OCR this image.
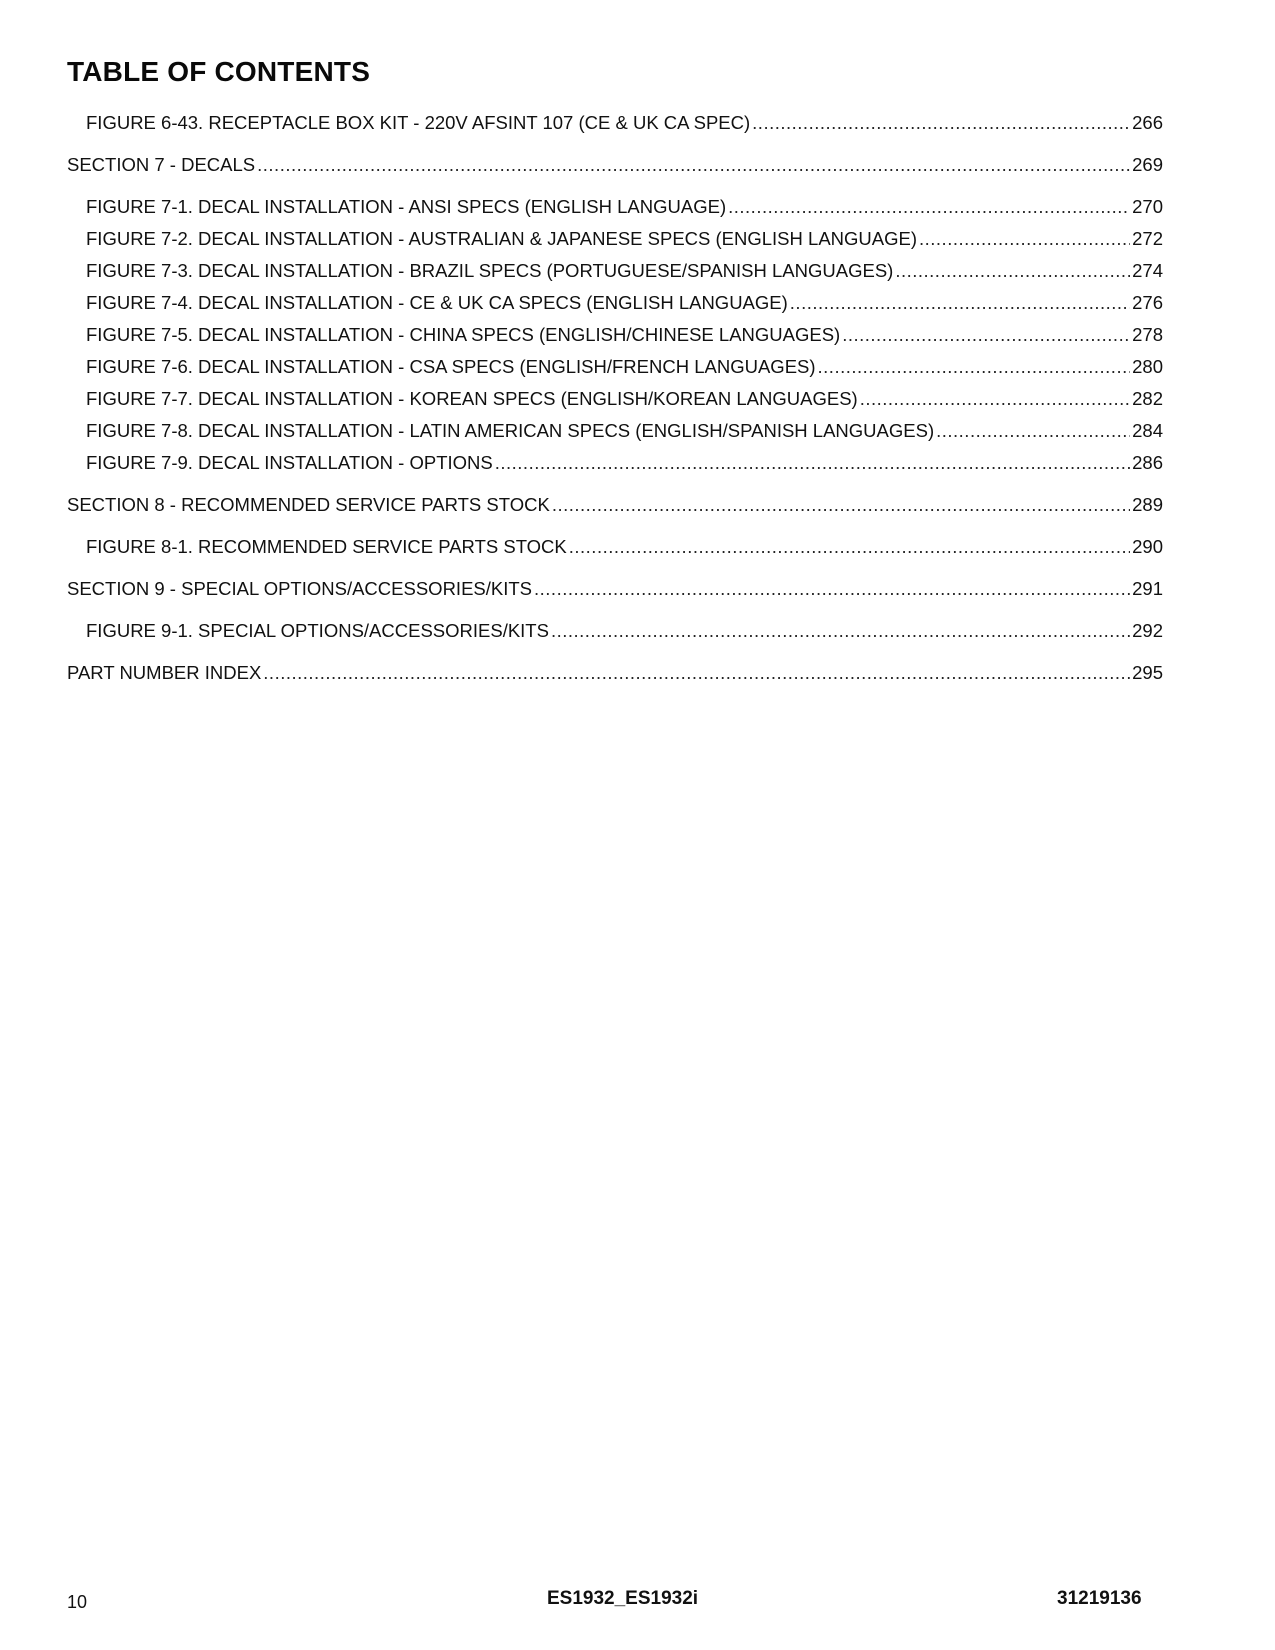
TABLE OF CONTENTS
FIGURE 6-43. RECEPTACLE BOX KIT - 220V AFSINT 107 (CE & UK CA SPEC) .....	266
SECTION 7 - DECALS .....	269
FIGURE 7-1. DECAL INSTALLATION - ANSI SPECS (ENGLISH LANGUAGE) .....	270
FIGURE 7-2. DECAL INSTALLATION - AUSTRALIAN & JAPANESE SPECS (ENGLISH LANGUAGE) .....	272
FIGURE 7-3. DECAL INSTALLATION - BRAZIL SPECS (PORTUGUESE/SPANISH LANGUAGES) .....	274
FIGURE 7-4. DECAL INSTALLATION - CE & UK CA SPECS (ENGLISH LANGUAGE) .....	276
FIGURE 7-5. DECAL INSTALLATION - CHINA SPECS (ENGLISH/CHINESE LANGUAGES) .....	278
FIGURE 7-6. DECAL INSTALLATION - CSA SPECS (ENGLISH/FRENCH LANGUAGES) .....	280
FIGURE 7-7. DECAL INSTALLATION - KOREAN SPECS (ENGLISH/KOREAN LANGUAGES) .....	282
FIGURE 7-8. DECAL INSTALLATION - LATIN AMERICAN SPECS (ENGLISH/SPANISH LANGUAGES) .....	284
FIGURE 7-9. DECAL INSTALLATION - OPTIONS .....	286
SECTION 8 - RECOMMENDED SERVICE PARTS STOCK .....	289
FIGURE 8-1. RECOMMENDED SERVICE PARTS STOCK .....	290
SECTION 9 - SPECIAL OPTIONS/ACCESSORIES/KITS .....	291
FIGURE 9-1. SPECIAL OPTIONS/ACCESSORIES/KITS .....	292
PART NUMBER INDEX .....	295
10	ES1932_ES1932i	31219136
